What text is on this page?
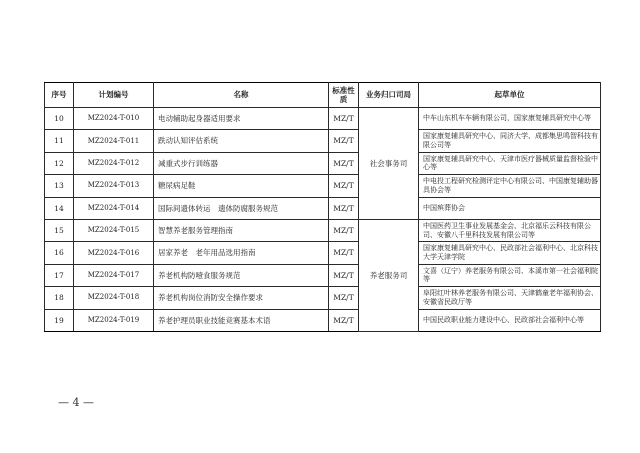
序号	计划编号	名称	标准性质	业务归口司局	起草单位
10	MZ2024-T-010	电动辅助起身器适用要求	MZ/T	社会事务司	中车山东机车车辆有限公司，国家康复辅具研究中心等
11	MZ2024-T-011	跌动认知评估系统	MZ/T		国家康复辅具研究中心、同济大学、成都集思鸣智科技有限公司等
12	MZ2024-T-012	减重式步行训练器	MZ/T		国家康复辅具研究中心、天津市医疗器械质量监督检验中心等
13	MZ2024-T-013	糖尿病足鞋	MZ/T		中电投工程研究检测评定中心有限公司、中国康复辅助器具协会等
14	MZ2024-T-014	国际间遗体转运　遗体防腐服务规范	MZ/T		中国殡葬协会
15	MZ2024-T-015	智慧养老服务管理指南	MZ/T	养老服务司	中国医药卫生事业发展基金会、北京福乐云科技有限公司、安徽八千里科技发展有限公司等
16	MZ2024-T-016	居家养老　老年用品选用指南	MZ/T		国家康复辅具研究中心、民政部社会福利中心、北京科技大学天津学院
17	MZ2024-T-017	养老机构防噎食服务规范	MZ/T		文喜（辽宁）养老服务有限公司、本溪市第一社会福利院等
18	MZ2024-T-018	养老机构岗位消防安全操作要求	MZ/T		阜阳红叶林养老服务有限公司、天津鹤童老年福利协会、安徽省民政厅等
19	MZ2024-T-019	养老护理员职业技能竞赛基本术语	MZ/T		中国民政职业能力建设中心、民政部社会福利中心等
— 4 —
